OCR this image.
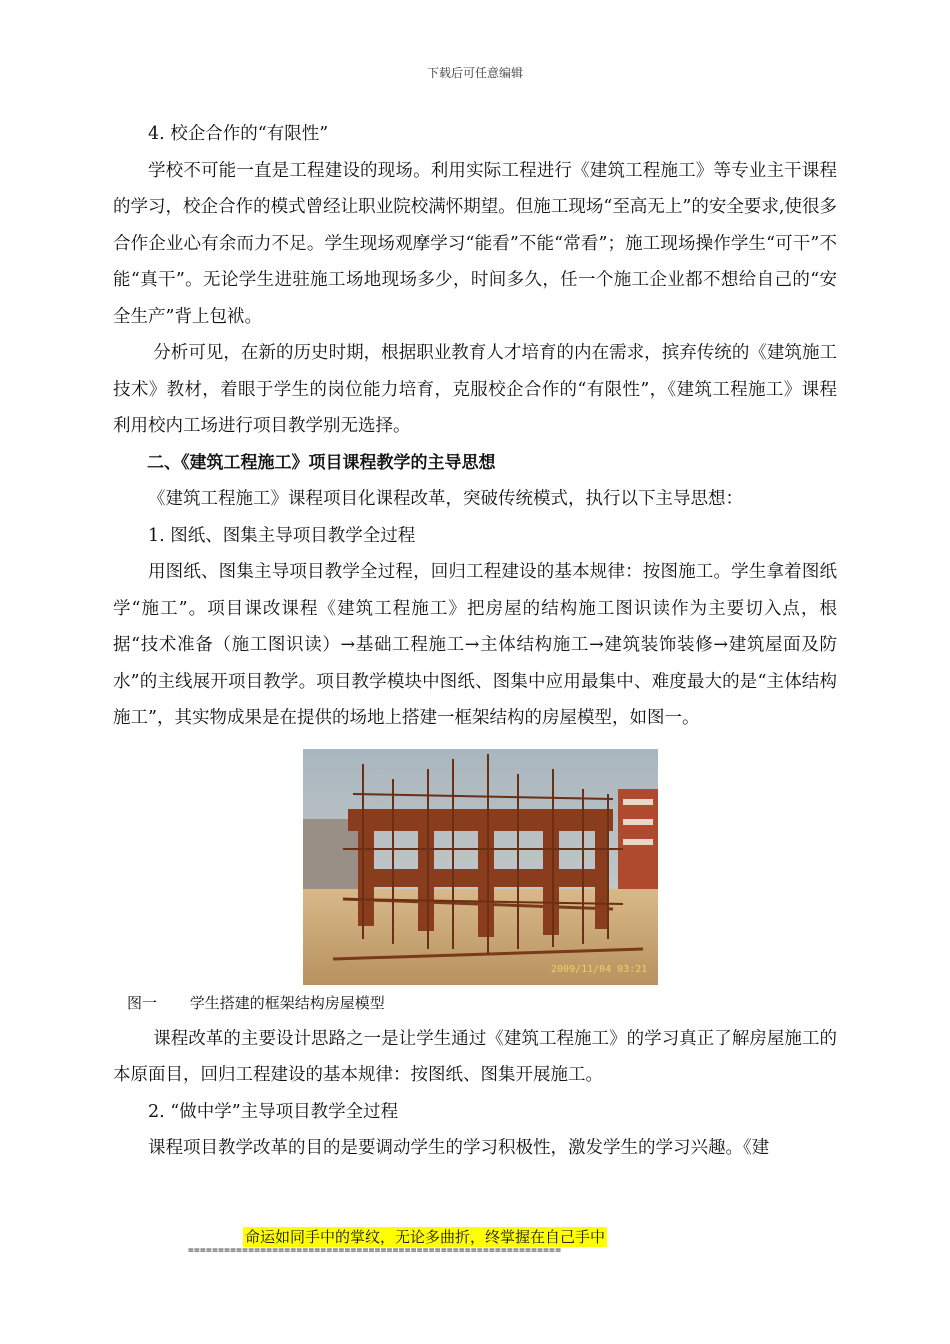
下载后可任意编辑

4. 校企合作的“有限性”

学校不可能一直是工程建设的现场。利用实际工程进行《建筑工程施工》等专业主干课程的学习，校企合作的模式曾经让职业院校满怀期望。但施工现场“至高无上”的安全要求,使很多合作企业心有余而力不足。学生现场观摩学习“能看”不能“常看”；施工现场操作学生“可干”不能“真干”。无论学生进驻施工场地现场多少，时间多久，任一个施工企业都不想给自己的“安全生产”背上包袱。

分析可见，在新的历史时期，根据职业教育人才培育的内在需求，摈弃传统的《建筑施工技术》教材，着眼于学生的岗位能力培育，克服校企合作的“有限性”，《建筑工程施工》课程利用校内工场进行项目教学别无选择。

二、《建筑工程施工》项目课程教学的主导思想

《建筑工程施工》课程项目化课程改革，突破传统模式，执行以下主导思想：

1. 图纸、图集主导项目教学全过程

用图纸、图集主导项目教学全过程，回归工程建设的基本规律：按图施工。学生拿着图纸学“施工”。项目课改课程《建筑工程施工》把房屋的结构施工图识读作为主要切入点，根据“技术准备（施工图识读）→基础工程施工→主体结构施工→建筑装饰装修→建筑屋面及防水”的主线展开项目教学。项目教学模块中图纸、图集中应用最集中、难度最大的是“主体结构施工”，其实物成果是在提供的场地上搭建一框架结构的房屋模型，如图一。

2009/11/04 03:21

图一 学生搭建的框架结构房屋模型

课程改革的主要设计思路之一是让学生通过《建筑工程施工》的学习真正了解房屋施工的本原面目，回归工程建设的基本规律：按图纸、图集开展施工。

2. “做中学”主导项目教学全过程

课程项目教学改革的目的是要调动学生的学习积极性，激发学生的学习兴趣。《建

命运如同手中的掌纹，无论多曲折，终掌握在自己手中
==============================================================
